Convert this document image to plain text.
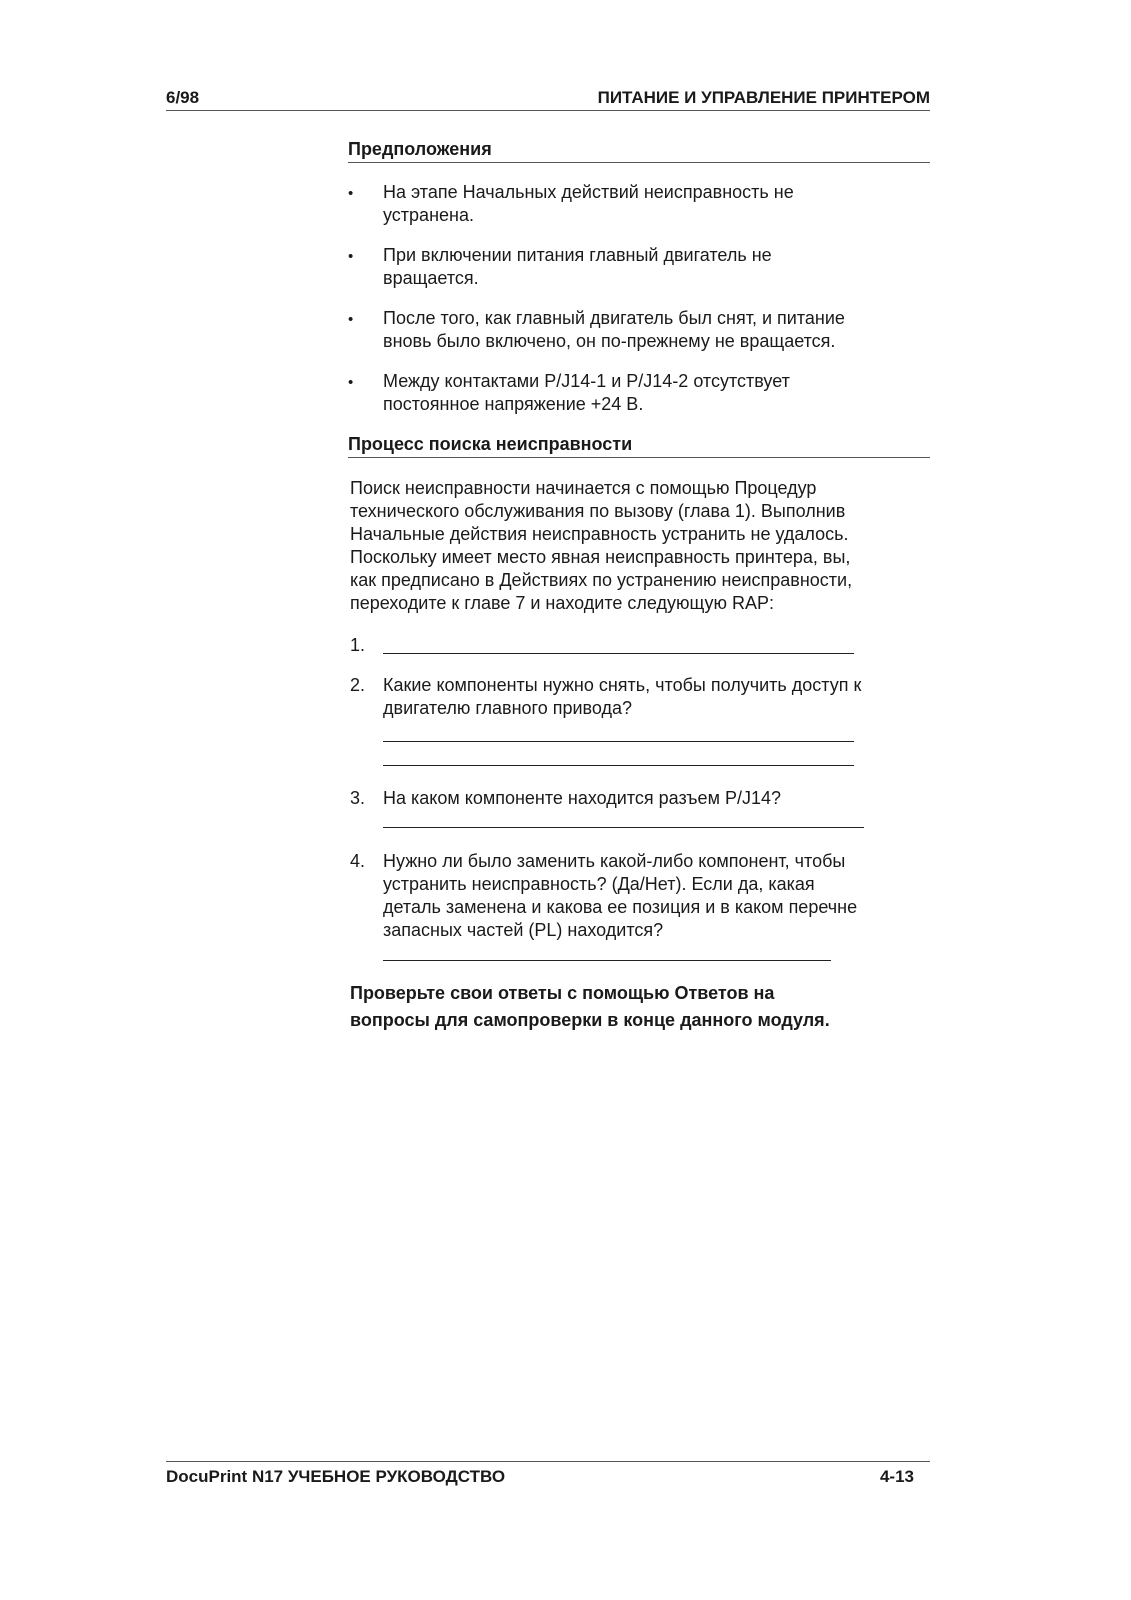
6/98	ПИТАНИЕ И УПРАВЛЕНИЕ ПРИНТЕРОМ
Предположения
• На этапе Начальных действий неисправность не
устранена.
• При включении питания главный двигатель не
вращается.
• После того, как главный двигатель был снят, и питание
вновь было включено, он по-прежнему не вращается.
• Между контактами P/J14-1 и P/J14-2 отсутствует
постоянное напряжение +24 В.
Процесс поиска неисправности
Поиск неисправности начинается с помощью Процедур
технического обслуживания по вызову (глава 1). Выполнив
Начальные действия неисправность устранить не удалось.
Поскольку имеет место явная неисправность принтера, вы,
как предписано в Действиях по устранению неисправности,
переходите к главе 7 и находите следующую RAP:
1.
2. Какие компоненты нужно снять, чтобы получить доступ к
двигателю главного привода?
3. На каком компоненте находится разъем P/J14?
4. Нужно ли было заменить какой-либо компонент, чтобы
устранить неисправность? (Да/Нет). Если да, какая
деталь заменена и какова ее позиция и в каком перечне
запасных частей (PL) находится?
Проверьте свои ответы с помощью Ответов на
вопросы для самопроверки в конце данного модуля.
DocuPrint N17 УЧЕБНОЕ РУКОВОДСТВО	4-13
